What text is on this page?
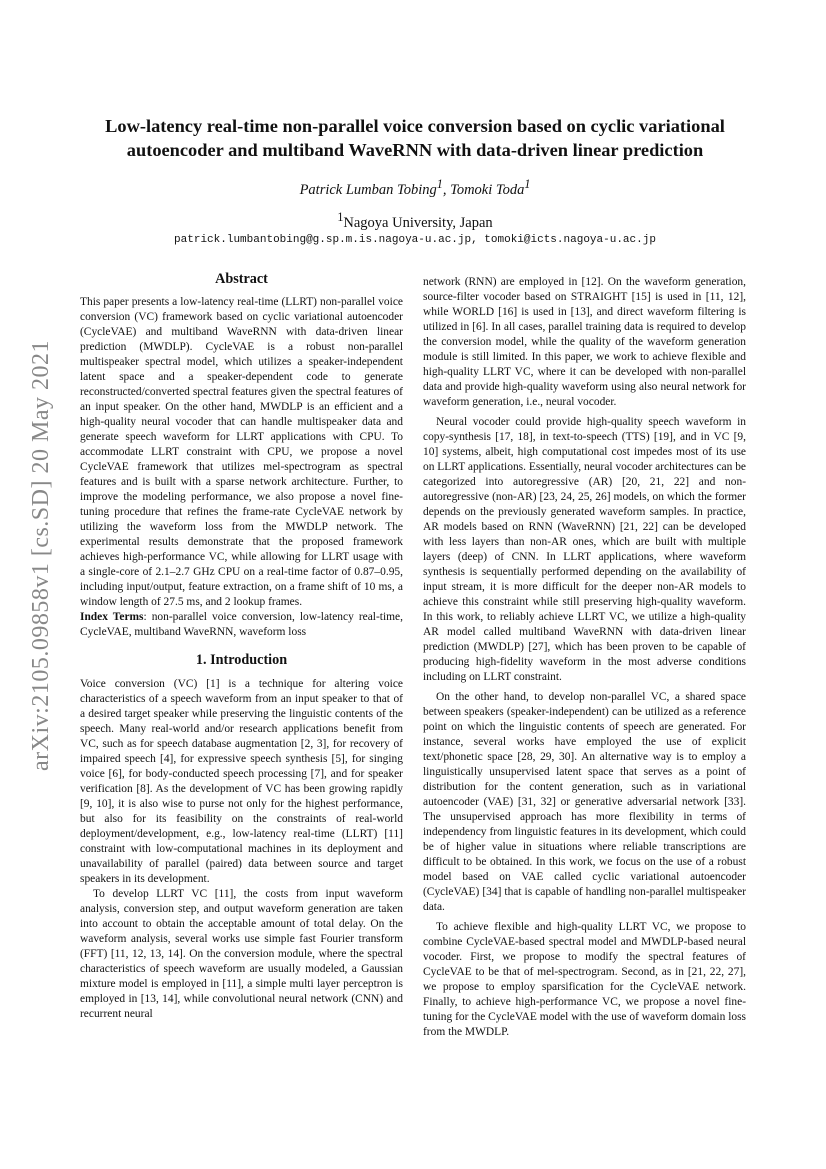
arXiv:2105.09858v1 [cs.SD] 20 May 2021
Low-latency real-time non-parallel voice conversion based on cyclic variational autoencoder and multiband WaveRNN with data-driven linear prediction
Patrick Lumban Tobing$^1$, Tomoki Toda$^1$
$^1$Nagoya University, Japan
patrick.lumbantobing@g.sp.m.is.nagoya-u.ac.jp, tomoki@icts.nagoya-u.ac.jp
Abstract

This paper presents a low-latency real-time (LLRT) non-parallel voice conversion (VC) framework based on cyclic variational autoencoder (CycleVAE) and multiband WaveRNN with data-driven linear prediction (MWDLP). CycleVAE is a robust non-parallel multispeaker spectral model, which utilizes a speaker-independent latent space and a speaker-dependent code to generate reconstructed/converted spectral features given the spectral features of an input speaker. On the other hand, MWDLP is an efficient and a high-quality neural vocoder that can handle multispeaker data and generate speech waveform for LLRT applications with CPU. To accommodate LLRT constraint with CPU, we propose a novel CycleVAE framework that utilizes mel-spectrogram as spectral features and is built with a sparse network architecture. Further, to improve the modeling performance, we also propose a novel fine-tuning procedure that refines the frame-rate CycleVAE network by utilizing the waveform loss from the MWDLP network. The experimental results demonstrate that the proposed framework achieves high-performance VC, while allowing for LLRT usage with a single-core of 2.1–2.7 GHz CPU on a real-time factor of 0.87–0.95, including input/output, feature extraction, on a frame shift of 10 ms, a window length of 27.5 ms, and 2 lookup frames.

Index Terms: non-parallel voice conversion, low-latency real-time, CycleVAE, multiband WaveRNN, waveform loss

1. Introduction

Voice conversion (VC) [1] is a technique for altering voice characteristics of a speech waveform from an input speaker to that of a desired target speaker while preserving the linguistic contents of the speech. Many real-world and/or research applications benefit from VC, such as for speech database augmentation [2, 3], for recovery of impaired speech [4], for expressive speech synthesis [5], for singing voice [6], for body-conducted speech processing [7], and for speaker verification [8]. As the development of VC has been growing rapidly [9, 10], it is also wise to purse not only for the highest performance, but also for its feasibility on the constraints of real-world deployment/development, e.g., low-latency real-time (LLRT) [11] constraint with low-computational machines in its deployment and unavailability of parallel (paired) data between source and target speakers in its development.

To develop LLRT VC [11], the costs from input waveform analysis, conversion step, and output waveform generation are taken into account to obtain the acceptable amount of total delay. On the waveform analysis, several works use simple fast Fourier transform (FFT) [11, 12, 13, 14]. On the conversion module, where the spectral characteristics of speech waveform are usually modeled, a Gaussian mixture model is employed in [11], a simple multi layer perceptron is employed in [13, 14], while convolutional neural network (CNN) and recurrent neural

network (RNN) are employed in [12]. On the waveform generation, source-filter vocoder based on STRAIGHT [15] is used in [11, 12], while WORLD [16] is used in [13], and direct waveform filtering is utilized in [6]. In all cases, parallel training data is required to develop the conversion model, while the quality of the waveform generation module is still limited. In this paper, we work to achieve flexible and high-quality LLRT VC, where it can be developed with non-parallel data and provide high-quality waveform using also neural network for waveform generation, i.e., neural vocoder.

Neural vocoder could provide high-quality speech waveform in copy-synthesis [17, 18], in text-to-speech (TTS) [19], and in VC [9, 10] systems, albeit, high computational cost impedes most of its use on LLRT applications. Essentially, neural vocoder architectures can be categorized into autoregressive (AR) [20, 21, 22] and non-autoregressive (non-AR) [23, 24, 25, 26] models, on which the former depends on the previously generated waveform samples. In practice, AR models based on RNN (WaveRNN) [21, 22] can be developed with less layers than non-AR ones, which are built with multiple layers (deep) of CNN. In LLRT applications, where waveform synthesis is sequentially performed depending on the availability of input stream, it is more difficult for the deeper non-AR models to achieve this constraint while still preserving high-quality waveform. In this work, to reliably achieve LLRT VC, we utilize a high-quality AR model called multiband WaveRNN with data-driven linear prediction (MWDLP) [27], which has been proven to be capable of producing high-fidelity waveform in the most adverse conditions including on LLRT constraint.

On the other hand, to develop non-parallel VC, a shared space between speakers (speaker-independent) can be utilized as a reference point on which the linguistic contents of speech are generated. For instance, several works have employed the use of explicit text/phonetic space [28, 29, 30]. An alternative way is to employ a linguistically unsupervised latent space that serves as a point of distribution for the content generation, such as in variational autoencoder (VAE) [31, 32] or generative adversarial network [33]. The unsupervised approach has more flexibility in terms of independency from linguistic features in its development, which could be of higher value in situations where reliable transcriptions are difficult to be obtained. In this work, we focus on the use of a robust model based on VAE called cyclic variational autoencoder (CycleVAE) [34] that is capable of handling non-parallel multispeaker data.

To achieve flexible and high-quality LLRT VC, we propose to combine CycleVAE-based spectral model and MWDLP-based neural vocoder. First, we propose to modify the spectral features of CycleVAE to be that of mel-spectrogram. Second, as in [21, 22, 27], we propose to employ sparsification for the CycleVAE network. Finally, to achieve high-performance VC, we propose a novel fine-tuning for the CycleVAE model with the use of waveform domain loss from the MWDLP.
